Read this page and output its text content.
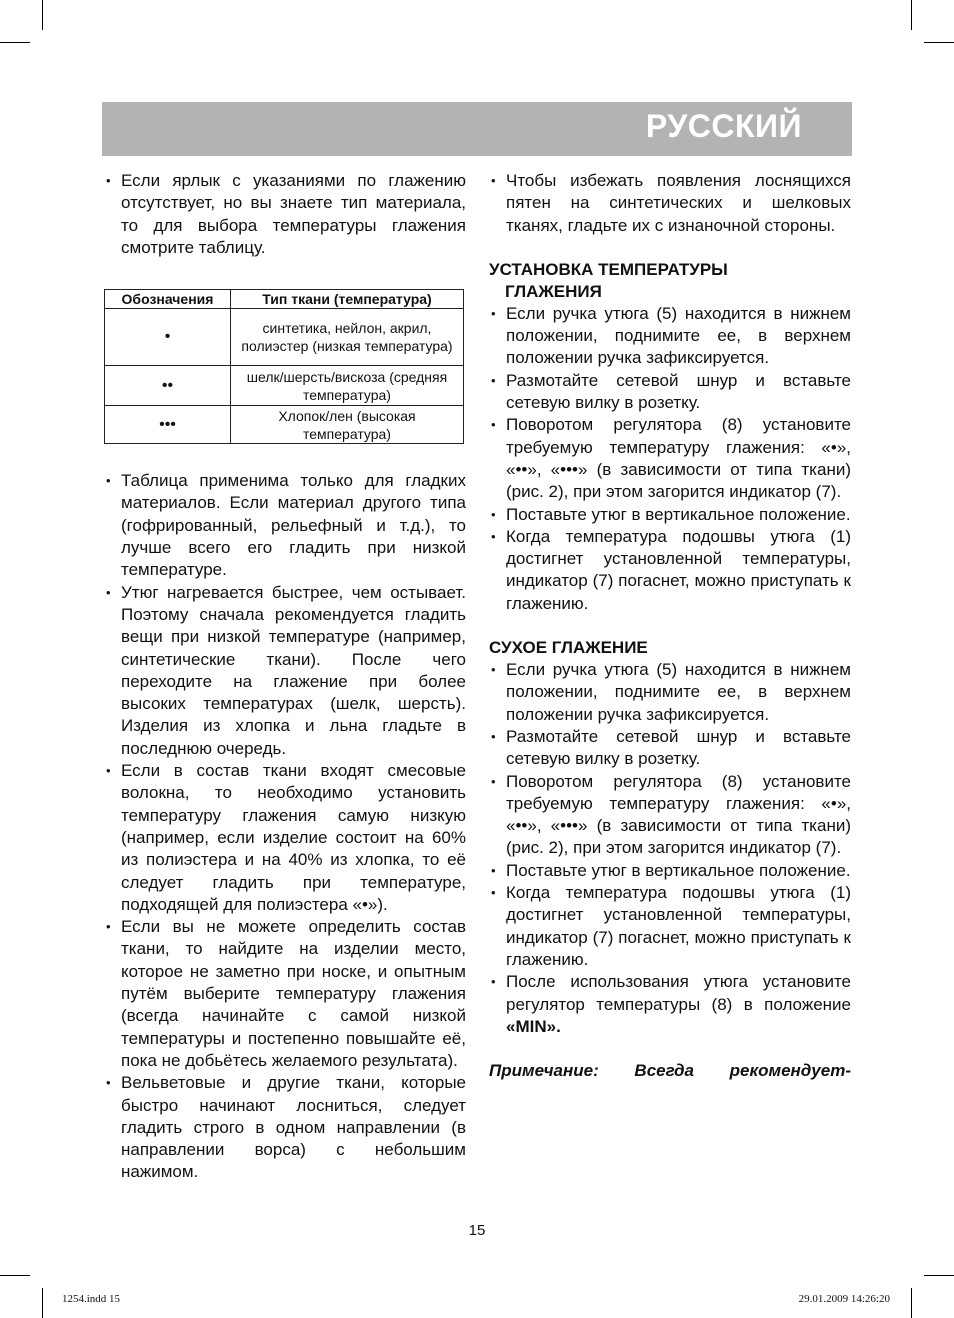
РУССКИЙ
• Если ярлык с указаниями по глажению отсутствует, но вы знаете тип материала, то для выбора температуры глажения смотрите таблицу.
Обозначения	Тип ткани (температура)
•	синтетика, нейлон, акрил, полиэстер (низкая температура)
••	шелк/шерсть/вискоза (средняя температура)
•••	Хлопок/лен (высокая температура)
• Таблица применима только для гладких материалов. Если материал другого типа (гофрированный, рельефный и т.д.), то лучше всего его гладить при низкой температуре.
• Утюг нагревается быстрее, чем остывает. Поэтому сначала рекомендуется гладить вещи при низкой температуре (например, синтетические ткани). После чего переходите на глажение при более высоких температурах (шелк, шерсть). Изделия из хлопка и льна гладьте в последнюю очередь.
• Если в состав ткани входят смесовые волокна, то необходимо установить температуру глажения самую низкую (например, если изделие состоит на 60% из полиэстера и на 40% из хлопка, то её следует гладить при температуре, подходящей для полиэстера «•»).
• Если вы не можете определить состав ткани, то найдите на изделии место, которое не заметно при носке, и опытным путём выберите температуру глажения (всегда начинайте с самой низкой температуры и постепенно повышайте её, пока не добьётесь желаемого результата).
• Вельветовые и другие ткани, которые быстро начинают лосниться, следует гладить строго в одном направлении (в направлении ворса) с небольшим нажимом.
• Чтобы избежать появления лоснящихся пятен на синтетических и шелковых тканях, гладьте их с изнаночной стороны.
УСТАНОВКА ТЕМПЕРАТУРЫ
ГЛАЖЕНИЯ
• Если ручка утюга (5) находится в нижнем положении, поднимите ее, в верхнем положении ручка зафиксируется.
• Размотайте сетевой шнур и вставьте сетевую вилку в розетку.
• Поворотом регулятора (8) установите требуемую температуру глажения: «•», «••», «•••» (в зависимости от типа ткани) (рис. 2), при этом загорится индикатор (7).
• Поставьте утюг в вертикальное положение.
• Когда температура подошвы утюга (1) достигнет установленной температуры, индикатор (7) погаснет, можно приступать к глажению.
СУХОЕ ГЛАЖЕНИЕ
• Если ручка утюга (5) находится в нижнем положении, поднимите ее, в верхнем положении ручка зафиксируется.
• Размотайте сетевой шнур и вставьте сетевую вилку в розетку.
• Поворотом регулятора (8) установите требуемую температуру глажения: «•», «••», «•••» (в зависимости от типа ткани) (рис. 2), при этом загорится индикатор (7).
• Поставьте утюг в вертикальное положение.
• Когда температура подошвы утюга (1) достигнет установленной температуры, индикатор (7) погаснет, можно приступать к глажению.
• После использования утюга установите регулятор температуры (8) в положение «MIN».
Примечание: Всегда рекомендует-
15
1254.indd 15	29.01.2009 14:26:20
